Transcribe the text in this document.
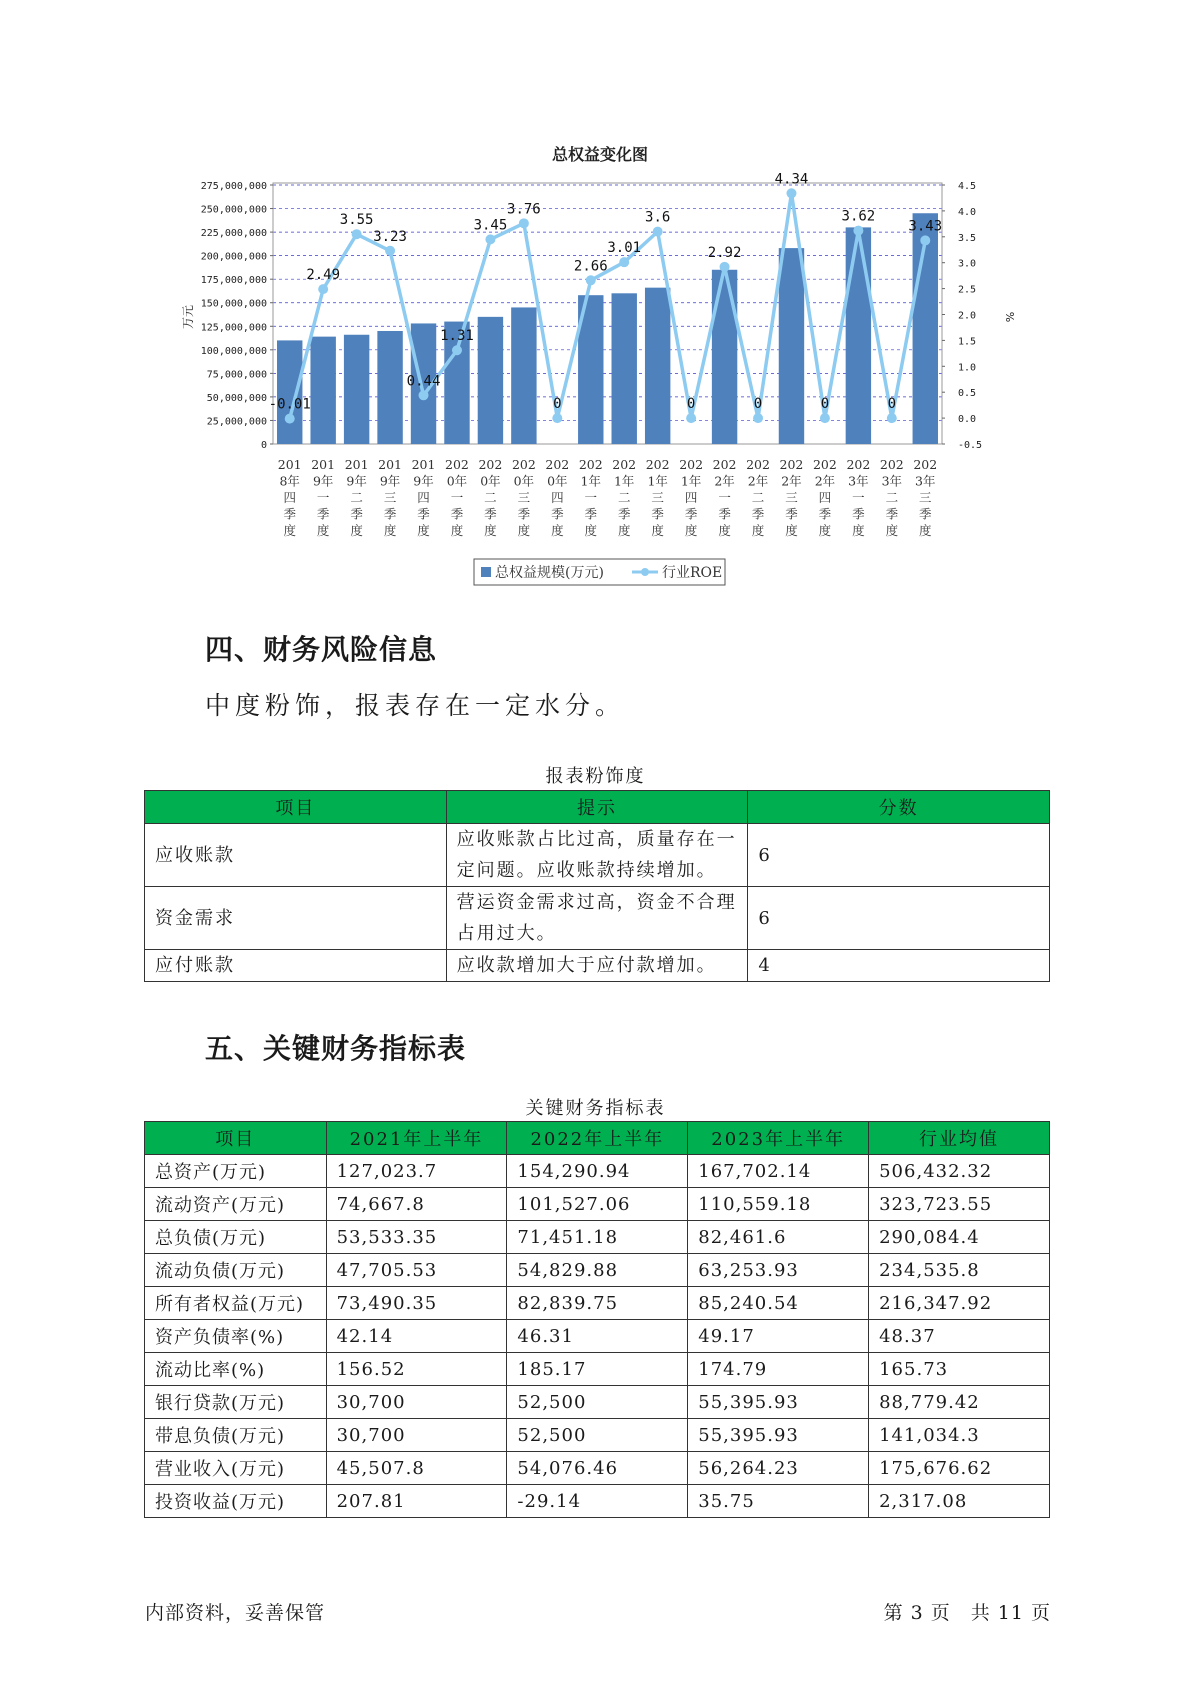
总权益变化图
万元	%
0
25,000,000
50,000,000
75,000,000
100,000,000
125,000,000
150,000,000
175,000,000
200,000,000
225,000,000
250,000,000
275,000,000
-0.5
0.0
0.5
1.0
1.5
2.0
2.5
3.0
3.5
4.0
4.5
-0.01
2.49
3.55
3.23
0.44
1.31
3.45
3.76
0
2.66
3.01
3.6
0
2.92
0
4.34
0
3.62
0
3.43
201 8年四季度
201 9年一季度
201 9年二季度
201 9年三季度
201 9年四季度
202 0年一季度
202 0年二季度
202 0年三季度
202 0年四季度
202 1年一季度
202 1年二季度
202 1年三季度
202 1年四季度
202 2年一季度
202 2年二季度
202 2年三季度
202 2年四季度
202 3年一季度
202 3年二季度
202 3年三季度
总权益规模(万元)	行业ROE
四、财务风险信息
中度粉饰，报表存在一定水分。
报表粉饰度
项目	提示	分数
应收账款	应收账款占比过高，质量存在一定问题。应收账款持续增加。	6
资金需求	营运资金需求过高，资金不合理占用过大。	6
应付账款	应收款增加大于应付款增加。	4
五、关键财务指标表
关键财务指标表
项目	2021年上半年	2022年上半年	2023年上半年	行业均值
总资产(万元)	127,023.7	154,290.94	167,702.14	506,432.32
流动资产(万元)	74,667.8	101,527.06	110,559.18	323,723.55
总负债(万元)	53,533.35	71,451.18	82,461.6	290,084.4
流动负债(万元)	47,705.53	54,829.88	63,253.93	234,535.8
所有者权益(万元)	73,490.35	82,839.75	85,240.54	216,347.92
资产负债率(%)	42.14	46.31	49.17	48.37
流动比率(%)	156.52	185.17	174.79	165.73
银行贷款(万元)	30,700	52,500	55,395.93	88,779.42
带息负债(万元)	30,700	52,500	55,395.93	141,034.3
营业收入(万元)	45,507.8	54,076.46	56,264.23	175,676.62
投资收益(万元)	207.81	-29.14	35.75	2,317.08
内部资料，妥善保管	第 3 页　共 11 页
